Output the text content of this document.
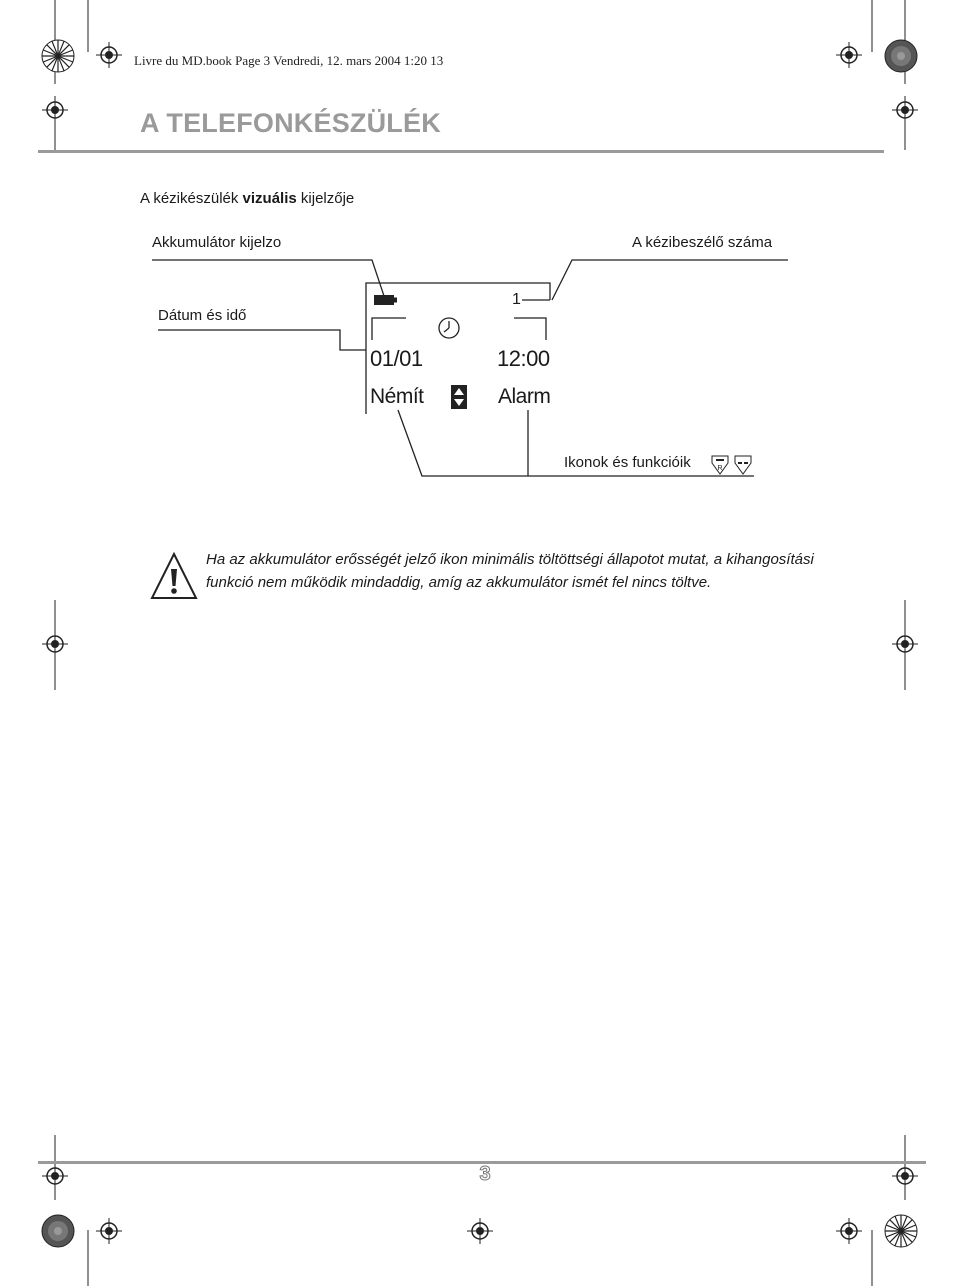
Livre du MD.book Page 3 Vendredi, 12. mars 2004 1:20 13
A TELEFONKÉSZÜLÉK
A kézikészülék vizuális kijelzője
Akkumulátor kijelzo	A kézibeszélő száma
Dátum és idő
Ikonok és funkcióik
1
01/01	12:00
Némít	Alarm
R
Ha az akkumulátor erősségét jelző ikon minimális töltöttségi állapotot mutat, a kihangosítási funkció nem működik mindaddig, amíg az akkumulátor ismét fel nincs töltve.
3
